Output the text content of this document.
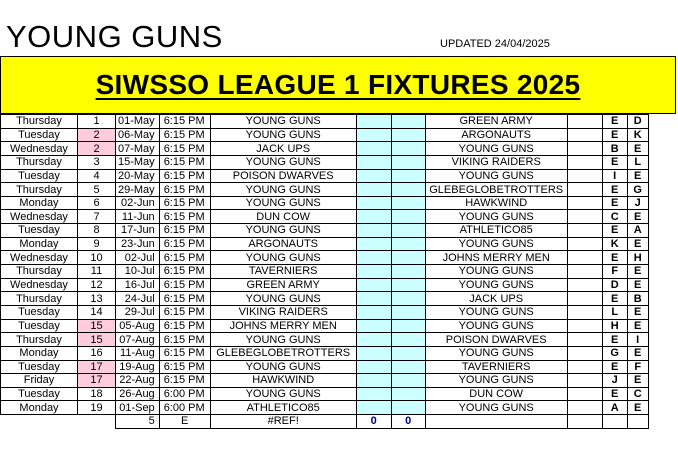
YOUNG GUNS	UPDATED 24/04/2025
SIWSSO LEAGUE 1 FIXTURES 2025
Thursday	1	01-May	6:15 PM	YOUNG GUNS			GREEN ARMY		E	D
Tuesday	2	06-May	6:15 PM	YOUNG GUNS			ARGONAUTS		E	K
Wednesday	2	07-May	6:15 PM	JACK UPS			YOUNG GUNS		B	E
Thursday	3	15-May	6:15 PM	YOUNG GUNS			VIKING RAIDERS		E	L
Tuesday	4	20-May	6:15 PM	POISON DWARVES			YOUNG GUNS		I	E
Thursday	5	29-May	6:15 PM	YOUNG GUNS			GLEBEGLOBETROTTERS		E	G
Monday	6	02-Jun	6:15 PM	YOUNG GUNS			HAWKWIND		E	J
Wednesday	7	11-Jun	6:15 PM	DUN COW			YOUNG GUNS		C	E
Tuesday	8	17-Jun	6:15 PM	YOUNG GUNS			ATHLETICO85		E	A
Monday	9	23-Jun	6:15 PM	ARGONAUTS			YOUNG GUNS		K	E
Wednesday	10	02-Jul	6:15 PM	YOUNG GUNS			JOHNS MERRY MEN		E	H
Thursday	11	10-Jul	6:15 PM	TAVERNIERS			YOUNG GUNS		F	E
Wednesday	12	16-Jul	6:15 PM	GREEN ARMY			YOUNG GUNS		D	E
Thursday	13	24-Jul	6:15 PM	YOUNG GUNS			JACK UPS		E	B
Tuesday	14	29-Jul	6:15 PM	VIKING RAIDERS			YOUNG GUNS		L	E
Tuesday	15	05-Aug	6:15 PM	JOHNS MERRY MEN			YOUNG GUNS		H	E
Thursday	15	07-Aug	6:15 PM	YOUNG GUNS			POISON DWARVES		E	I
Monday	16	11-Aug	6:15 PM	GLEBEGLOBETROTTERS			YOUNG GUNS		G	E
Tuesday	17	19-Aug	6:15 PM	YOUNG GUNS			TAVERNIERS		E	F
Friday	17	22-Aug	6:15 PM	HAWKWIND			YOUNG GUNS		J	E
Tuesday	18	26-Aug	6:00 PM	YOUNG GUNS			DUN COW		E	C
Monday	19	01-Sep	6:00 PM	ATHLETICO85			YOUNG GUNS		A	E
		5	E	#REF!	0	0				
